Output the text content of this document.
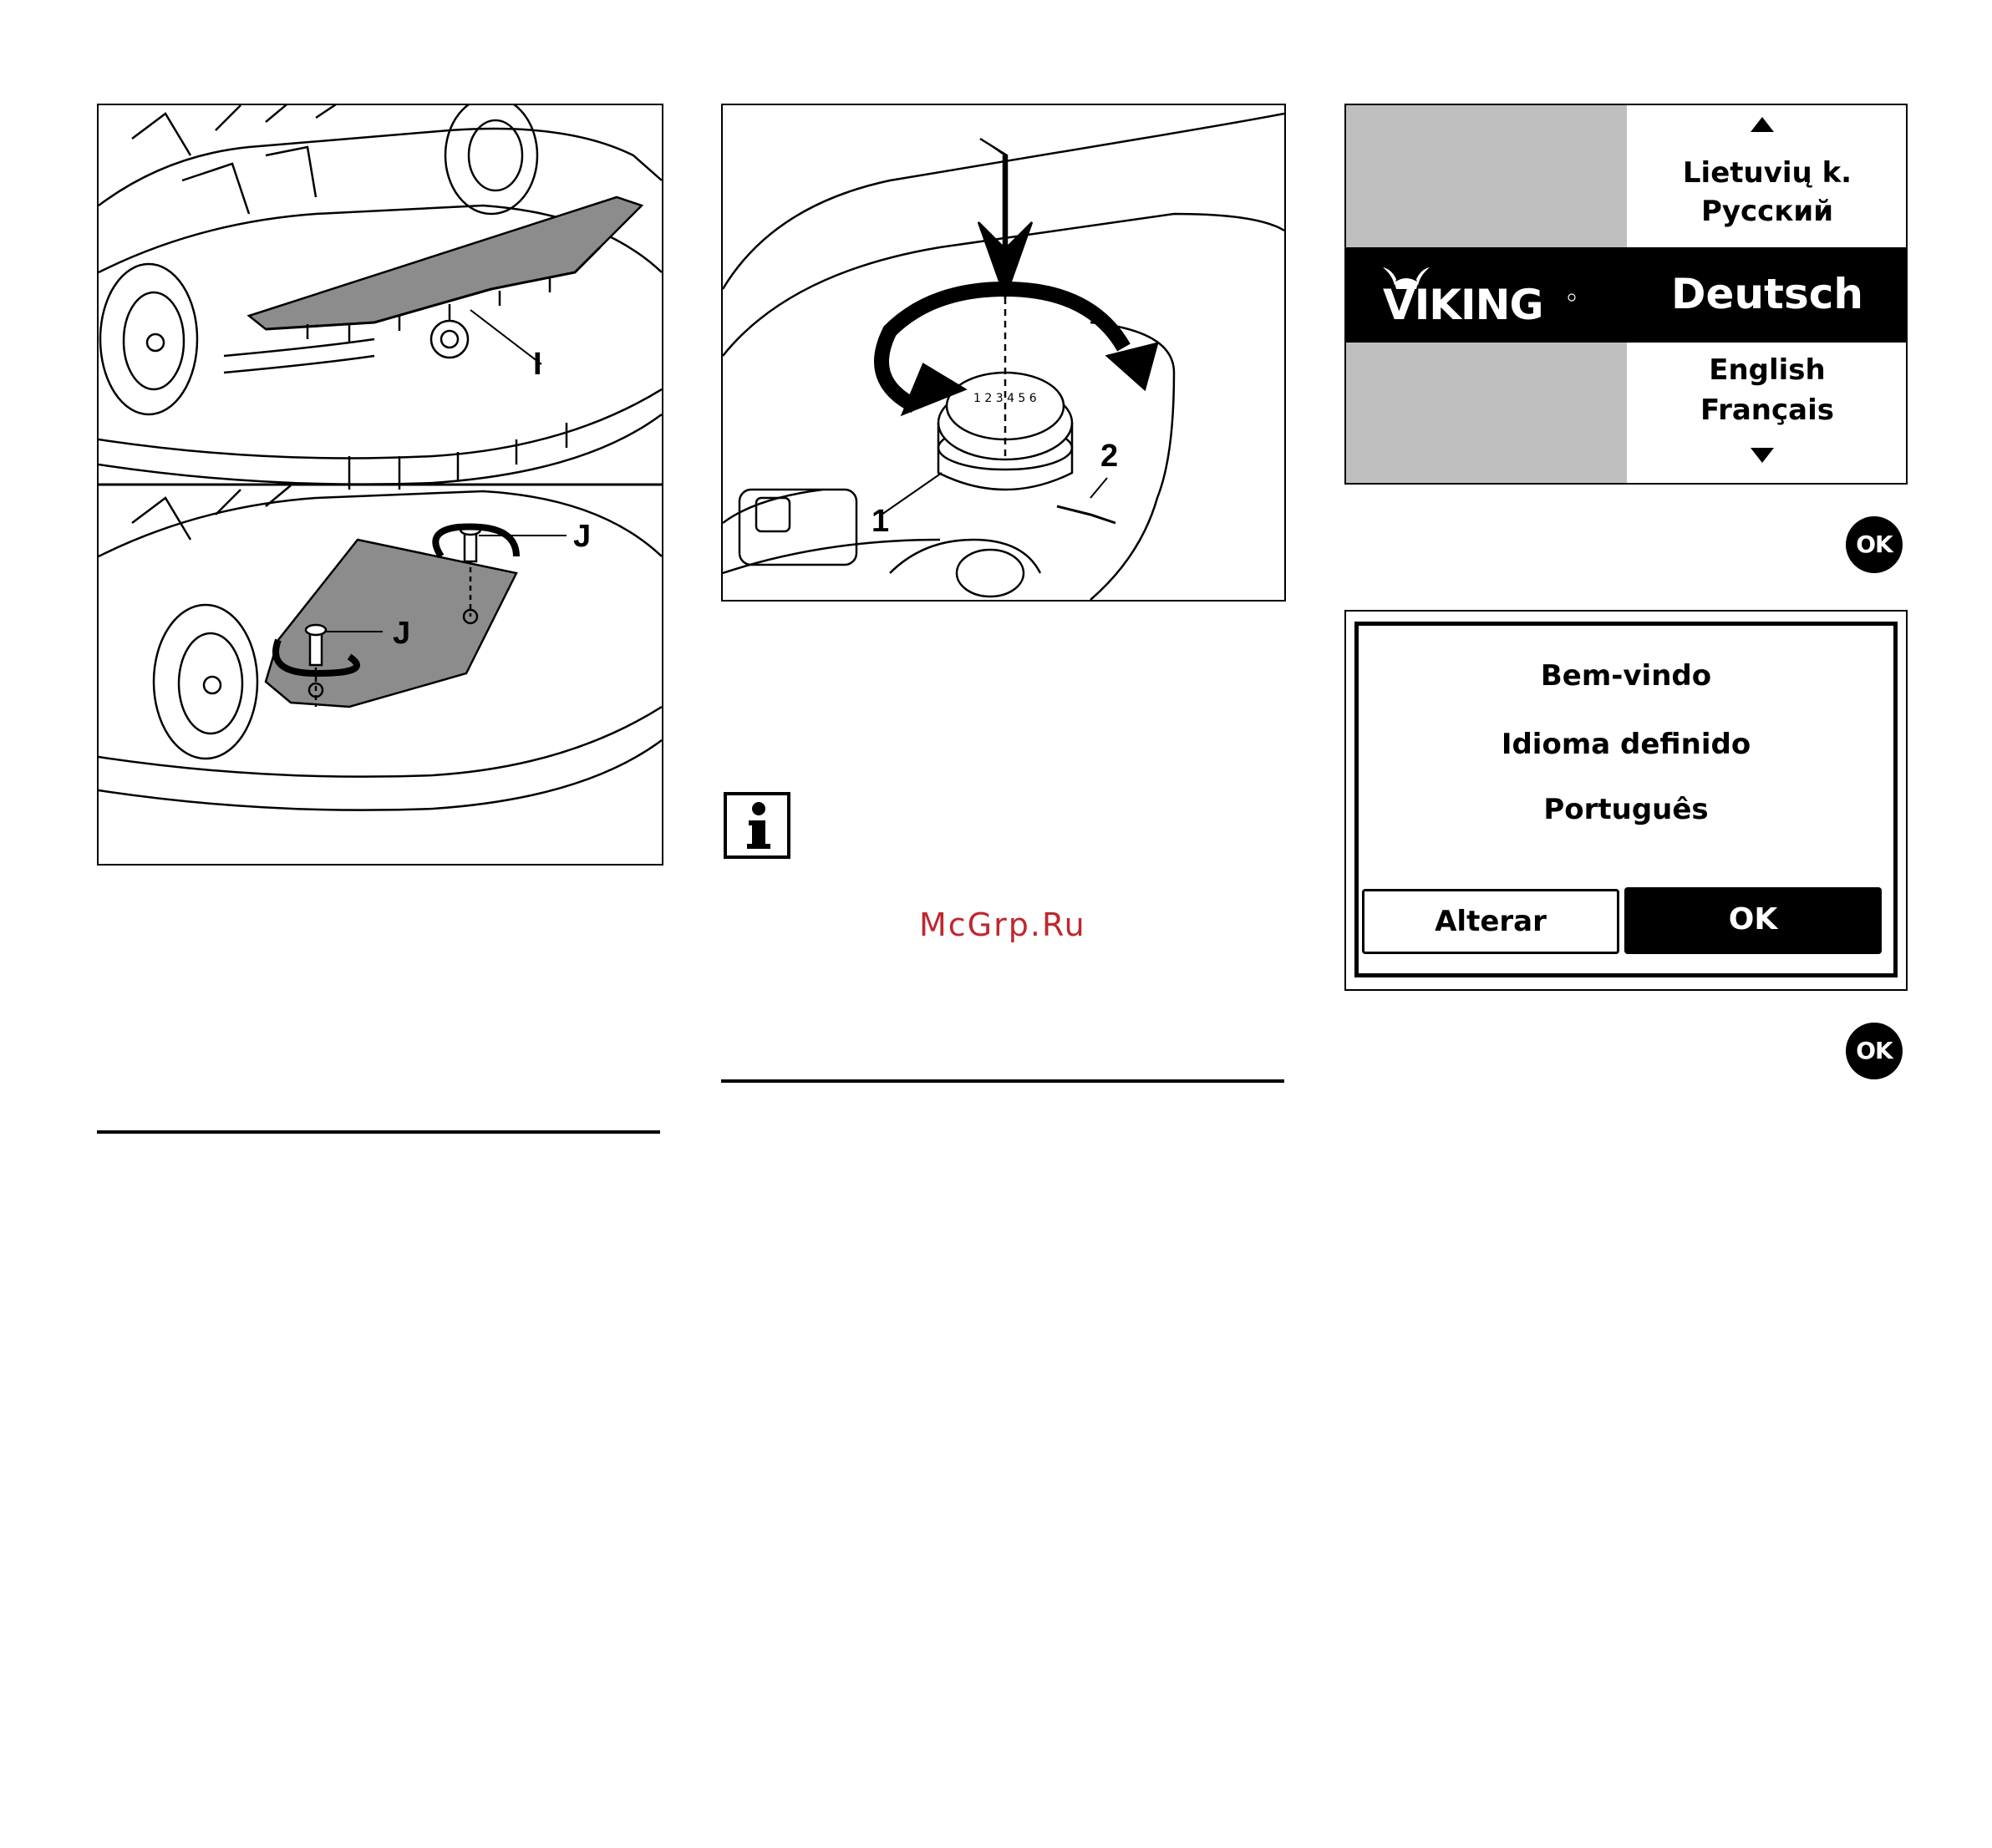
I
J
J
1 2 3 4 5 6
1
2
McGrp.Ru
Lietuvių k.
Русский
Deutsch
English
Français
VIKING
OK
Bem-vindo
Idioma definido
Português
Alterar	OK
OK
